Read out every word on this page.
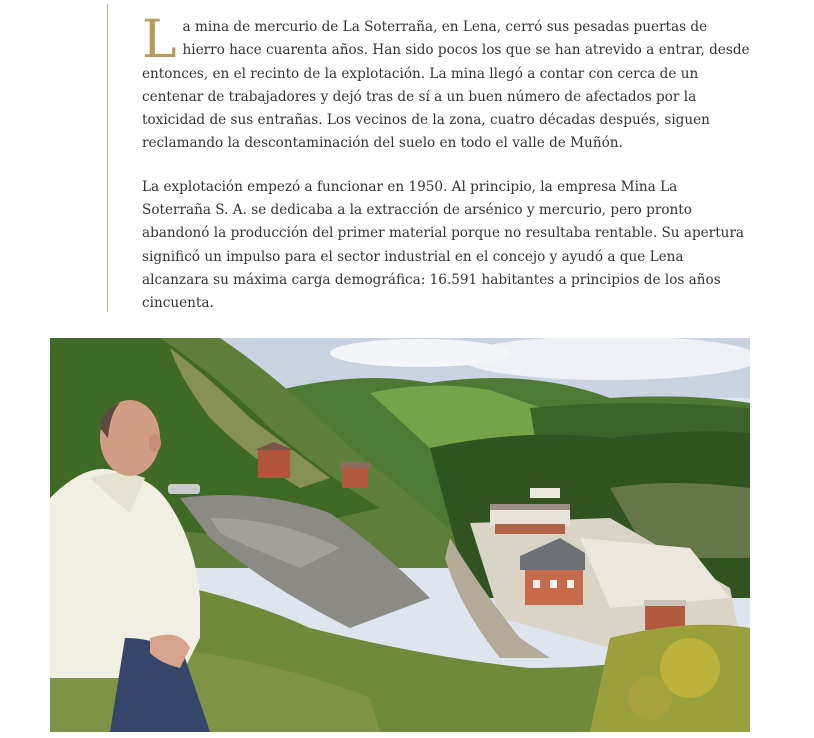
La mina de mercurio de La Soterraña, en Lena, cerró sus pesadas puertas de hierro hace cuarenta años. Han sido pocos los que se han atrevido a entrar, desde entonces, en el recinto de la explotación. La mina llegó a contar con cerca de un centenar de trabajadores y dejó tras de sí a un buen número de afectados por la toxicidad de sus entrañas. Los vecinos de la zona, cuatro décadas después, siguen reclamando la descontaminación del suelo en todo el valle de Muñón.

La explotación empezó a funcionar en 1950. Al principio, la empresa Mina La Soterraña S. A. se dedicaba a la extracción de arsénico y mercurio, pero pronto abandonó la producción del primer material porque no resultaba rentable. Su apertura significó un impulso para el sector industrial en el concejo y ayudó a que Lena alcanzara su máxima carga demográfica: 16.591 habitantes a principios de los años cincuenta.
